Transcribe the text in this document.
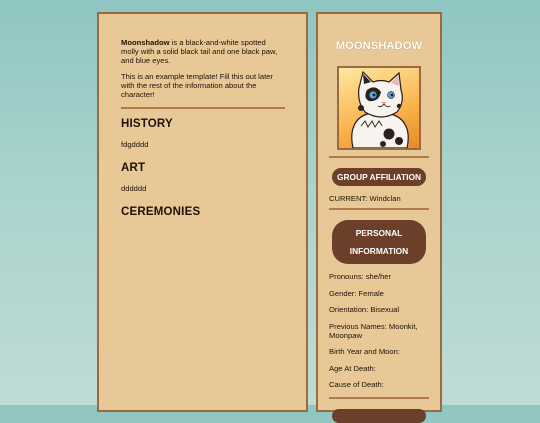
Moonshadow is a black-and-white spotted molly with a solid black tail and one black paw, and blue eyes.

This is an example template! Fill this out later with the rest of the information about the character!

HISTORY

fdgdddd

ART

dddddd

CEREMONIES
MOONSHADOW
GROUP AFFILIATION

CURRENT: Windclan

PERSONAL INFORMATION

Pronouns: she/her

Gender: Female

Orientation: Bisexual

Previous Names: Moonkit, Moonpaw

Birth Year and Moon:

Age At Death:

Cause of Death:
